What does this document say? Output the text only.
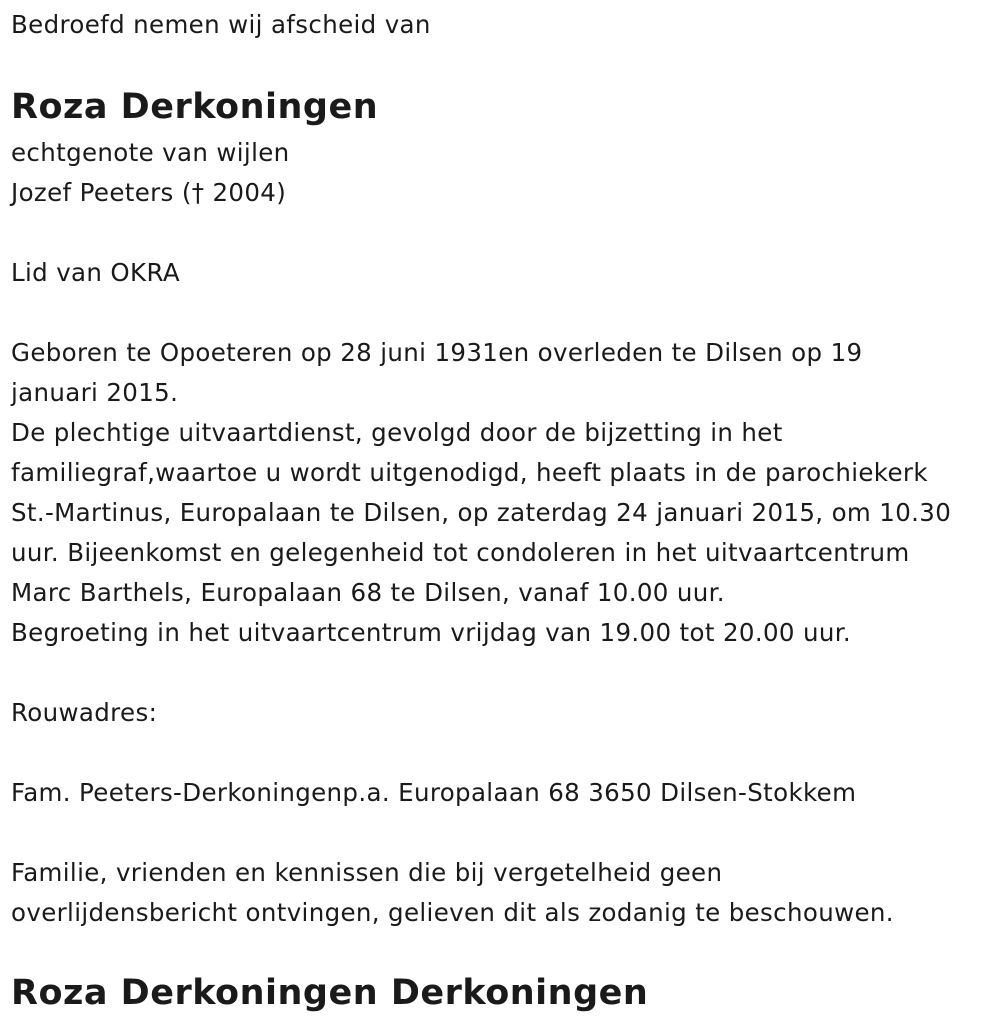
Bedroefd nemen wij afscheid van

Roza Derkoningen

echtgenote van wijlen

Jozef Peeters († 2004)

Lid van OKRA

Geboren te Opoeteren op 28 juni 1931en overleden te Dilsen op 19

januari 2015.

De plechtige uitvaartdienst, gevolgd door de bijzetting in het

familiegraf,waartoe u wordt uitgenodigd, heeft plaats in de parochiekerk

St.-Martinus, Europalaan te Dilsen, op zaterdag 24 januari 2015, om 10.30

uur. Bijeenkomst en gelegenheid tot condoleren in het uitvaartcentrum

Marc Barthels, Europalaan 68 te Dilsen, vanaf 10.00 uur.

Begroeting in het uitvaartcentrum vrijdag van 19.00 tot 20.00 uur.

Rouwadres:

Fam. Peeters-Derkoningenp.a. Europalaan 68 3650 Dilsen-Stokkem

Familie, vrienden en kennissen die bij vergetelheid geen

overlijdensbericht ontvingen, gelieven dit als zodanig te beschouwen.

Roza Derkoningen Derkoningen
